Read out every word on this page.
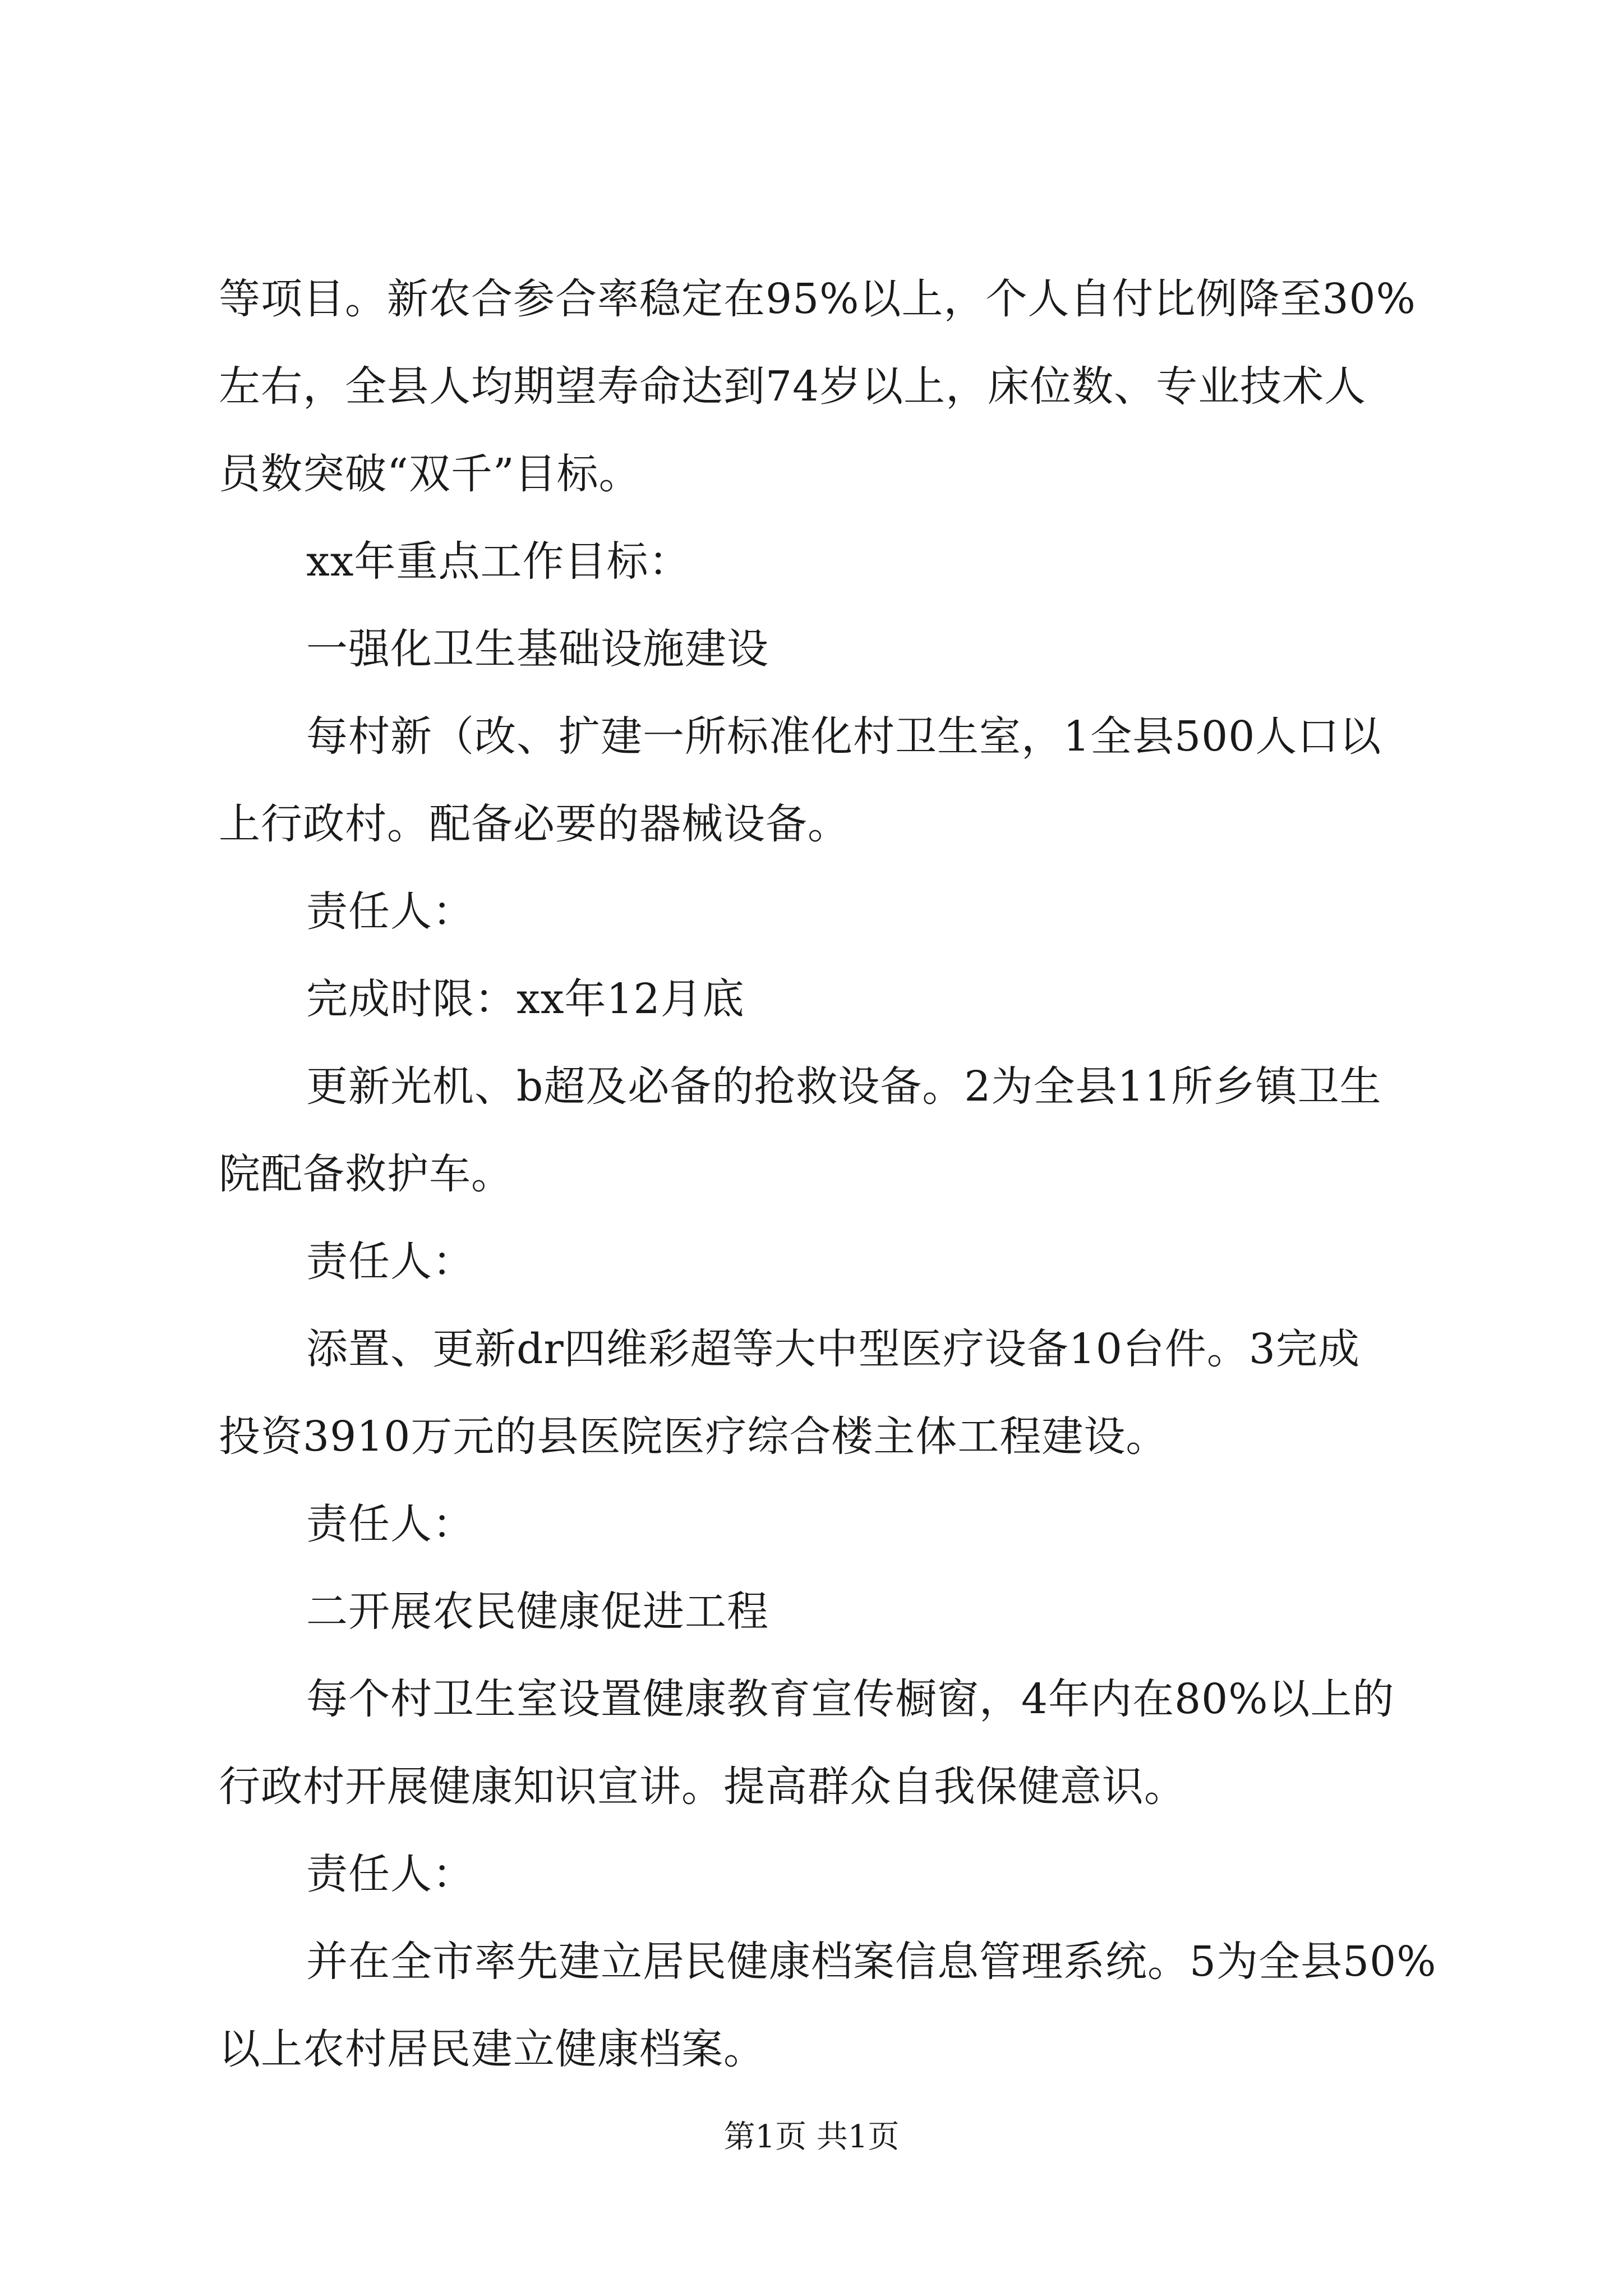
等项目。新农合参合率稳定在95%以上，个人自付比例降至30%
左右，全县人均期望寿命达到74岁以上，床位数、专业技术人
员数突破“双千”目标。
xx年重点工作目标：
一强化卫生基础设施建设
每村新（改、扩建一所标准化村卫生室，1全县500人口以
上行政村。配备必要的器械设备。
责任人：
完成时限：xx年12月底
更新光机、b超及必备的抢救设备。2为全县11所乡镇卫生
院配备救护车。
责任人：
添置、更新dr四维彩超等大中型医疗设备10台件。3完成
投资3910万元的县医院医疗综合楼主体工程建设。
责任人：
二开展农民健康促进工程
每个村卫生室设置健康教育宣传橱窗，4年内在80%以上的
行政村开展健康知识宣讲。提高群众自我保健意识。
责任人：
并在全市率先建立居民健康档案信息管理系统。5为全县50%
以上农村居民建立健康档案。
第1页 共1页
